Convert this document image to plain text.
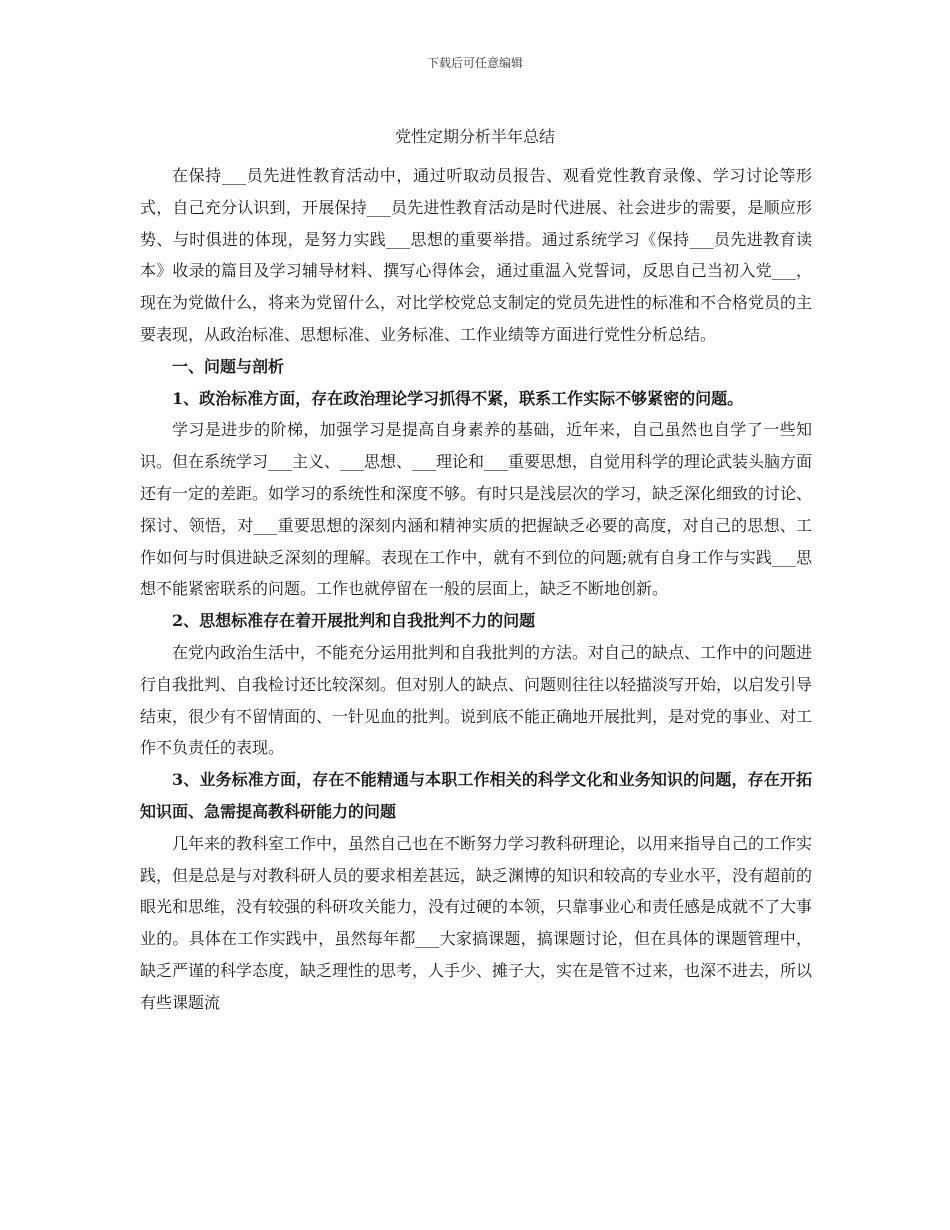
下载后可任意编辑
党性定期分析半年总结

在保持___员先进性教育活动中，通过听取动员报告、观看党性教育录像、学习讨论等形式，自己充分认识到，开展保持___员先进性教育活动是时代进展、社会进步的需要，是顺应形势、与时俱进的体现，是努力实践___思想的重要举措。通过系统学习《保持___员先进教育读本》收录的篇目及学习辅导材料、撰写心得体会，通过重温入党誓词，反思自己当初入党___，现在为党做什么，将来为党留什么，对比学校党总支制定的党员先进性的标准和不合格党员的主要表现，从政治标准、思想标准、业务标准、工作业绩等方面进行党性分析总结。

一、问题与剖析

1、政治标准方面，存在政治理论学习抓得不紧，联系工作实际不够紧密的问题。

学习是进步的阶梯，加强学习是提高自身素养的基础，近年来，自己虽然也自学了一些知识。但在系统学习___主义、___思想、___理论和___重要思想，自觉用科学的理论武装头脑方面还有一定的差距。如学习的系统性和深度不够。有时只是浅层次的学习，缺乏深化细致的讨论、探讨、领悟，对___重要思想的深刻内涵和精神实质的把握缺乏必要的高度，对自己的思想、工作如何与时俱进缺乏深刻的理解。表现在工作中，就有不到位的问题;就有自身工作与实践___思想不能紧密联系的问题。工作也就停留在一般的层面上，缺乏不断地创新。

2、思想标准存在着开展批判和自我批判不力的问题

在党内政治生活中，不能充分运用批判和自我批判的方法。对自己的缺点、工作中的问题进行自我批判、自我检讨还比较深刻。但对别人的缺点、问题则往往以轻描淡写开始，以启发引导结束，很少有不留情面的、一针见血的批判。说到底不能正确地开展批判，是对党的事业、对工作不负责任的表现。

3、业务标准方面，存在不能精通与本职工作相关的科学文化和业务知识的问题，存在开拓知识面、急需提高教科研能力的问题

几年来的教科室工作中，虽然自己也在不断努力学习教科研理论，以用来指导自己的工作实践，但是总是与对教科研人员的要求相差甚远，缺乏渊博的知识和较高的专业水平，没有超前的眼光和思维，没有较强的科研攻关能力，没有过硬的本领，只靠事业心和责任感是成就不了大事业的。具体在工作实践中，虽然每年都___大家搞课题，搞课题讨论，但在具体的课题管理中，缺乏严谨的科学态度，缺乏理性的思考，人手少、摊子大，实在是管不过来，也深不进去，所以有些课题流
